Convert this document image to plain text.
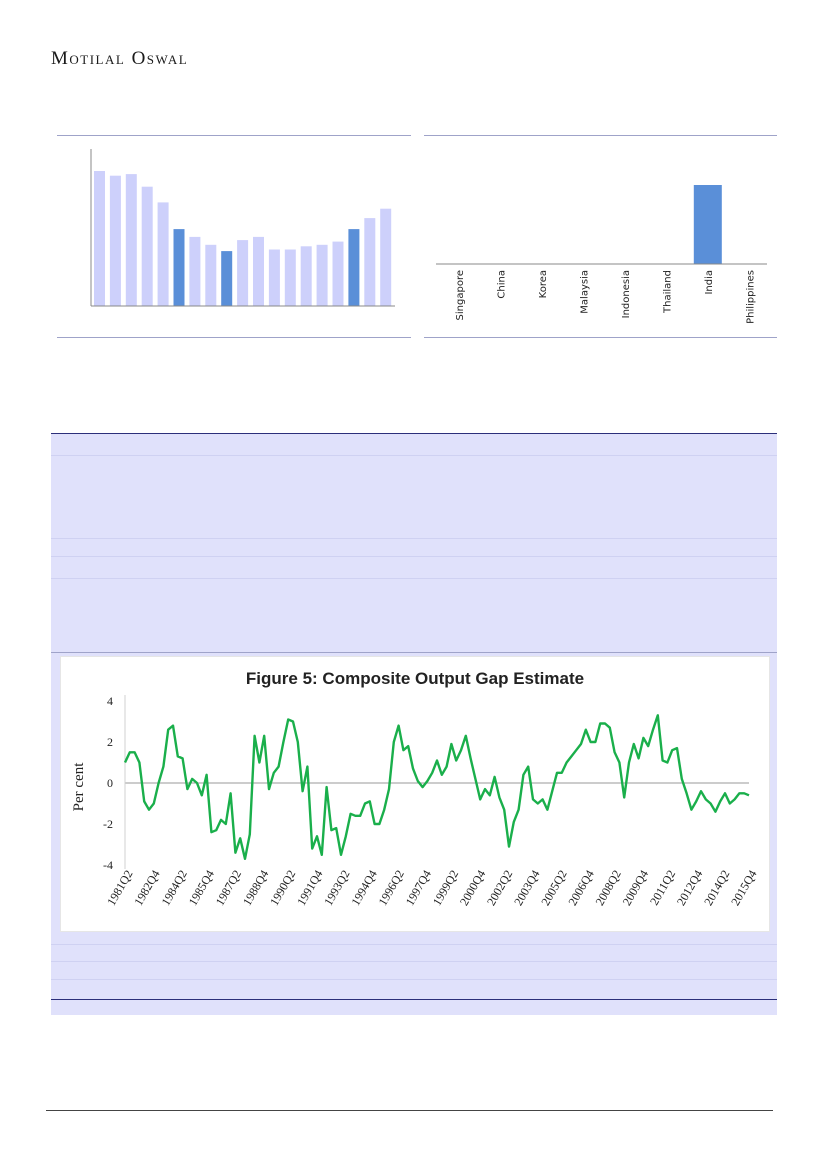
Motilal Oswal
Singapore	China	Korea	Malaysia	Indonesia	Thailand	India	Philippines
Figure 5: Composite Output Gap Estimate
4
2
0
-2
-4
Per cent
1981Q2
1982Q4
1984Q2
1985Q4
1987Q2
1988Q4
1990Q2
1991Q4
1993Q2
1994Q4
1996Q2
1997Q4
1999Q2
2000Q4
2002Q2
2003Q4
2005Q2
2006Q4
2008Q2
2009Q4
2011Q2
2012Q4
2014Q2
2015Q4
